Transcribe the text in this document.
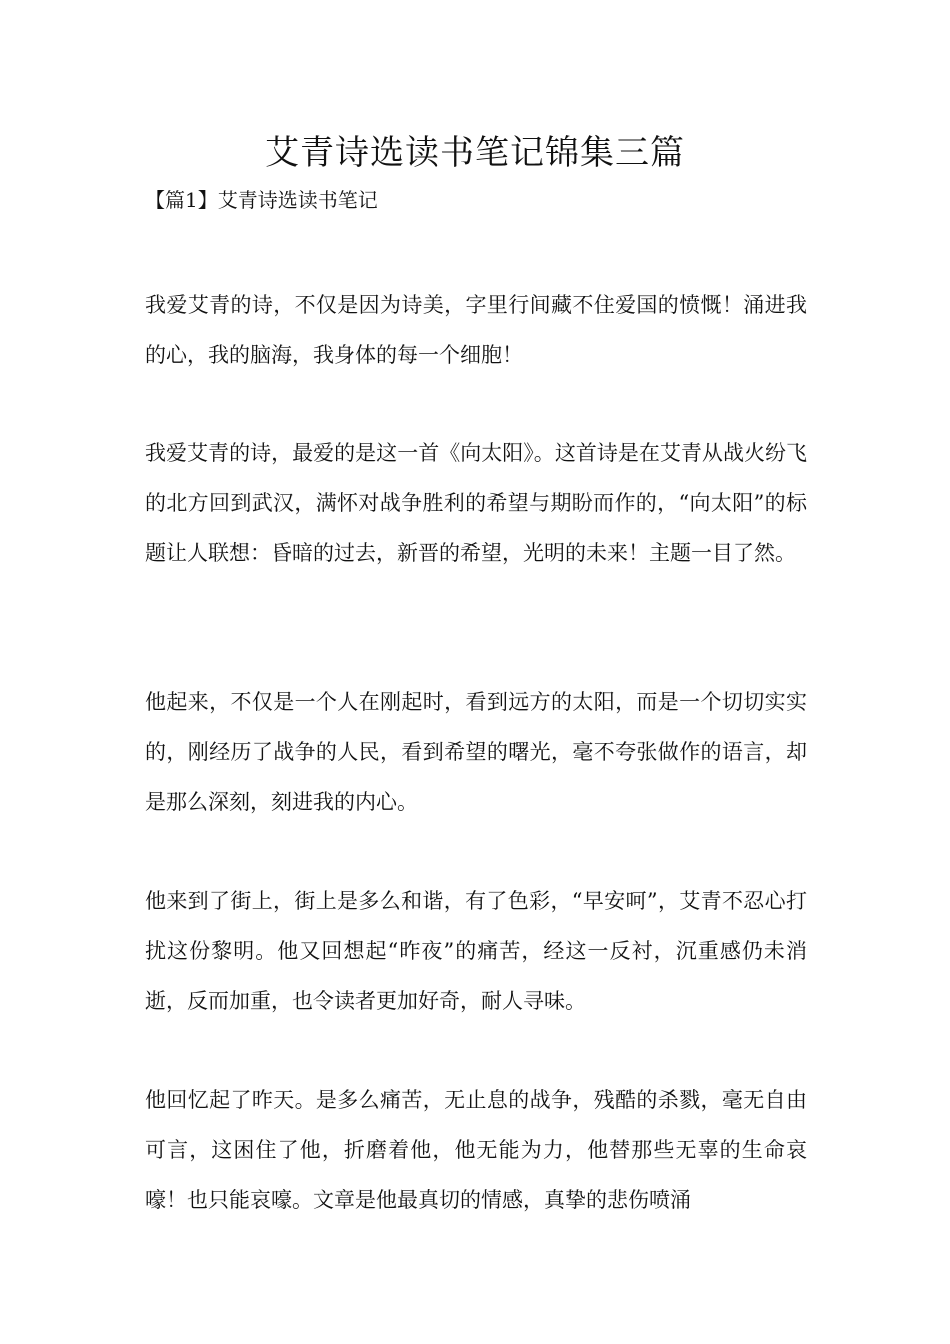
艾青诗选读书笔记锦集三篇
【篇1】艾青诗选读书笔记

我爱艾青的诗，不仅是因为诗美，字里行间藏不住爱国的愤慨！涌进我的心，我的脑海，我身体的每一个细胞！

我爱艾青的诗，最爱的是这一首《向太阳》。这首诗是在艾青从战火纷飞的北方回到武汉，满怀对战争胜利的希望与期盼而作的，“向太阳”的标题让人联想：昏暗的过去，新晋的希望，光明的未来！主题一目了然。

他起来，不仅是一个人在刚起时，看到远方的太阳，而是一个切切实实的，刚经历了战争的人民，看到希望的曙光，毫不夸张做作的语言，却是那么深刻，刻进我的内心。

他来到了街上，街上是多么和谐，有了色彩，“早安呵”，艾青不忍心打扰这份黎明。他又回想起“昨夜”的痛苦，经这一反衬，沉重感仍未消逝，反而加重，也令读者更加好奇，耐人寻味。

他回忆起了昨天。是多么痛苦，无止息的战争，残酷的杀戮，毫无自由可言，这困住了他，折磨着他，他无能为力，他替那些无辜的生命哀嚎！也只能哀嚎。文章是他最真切的情感，真挚的悲伤喷涌
